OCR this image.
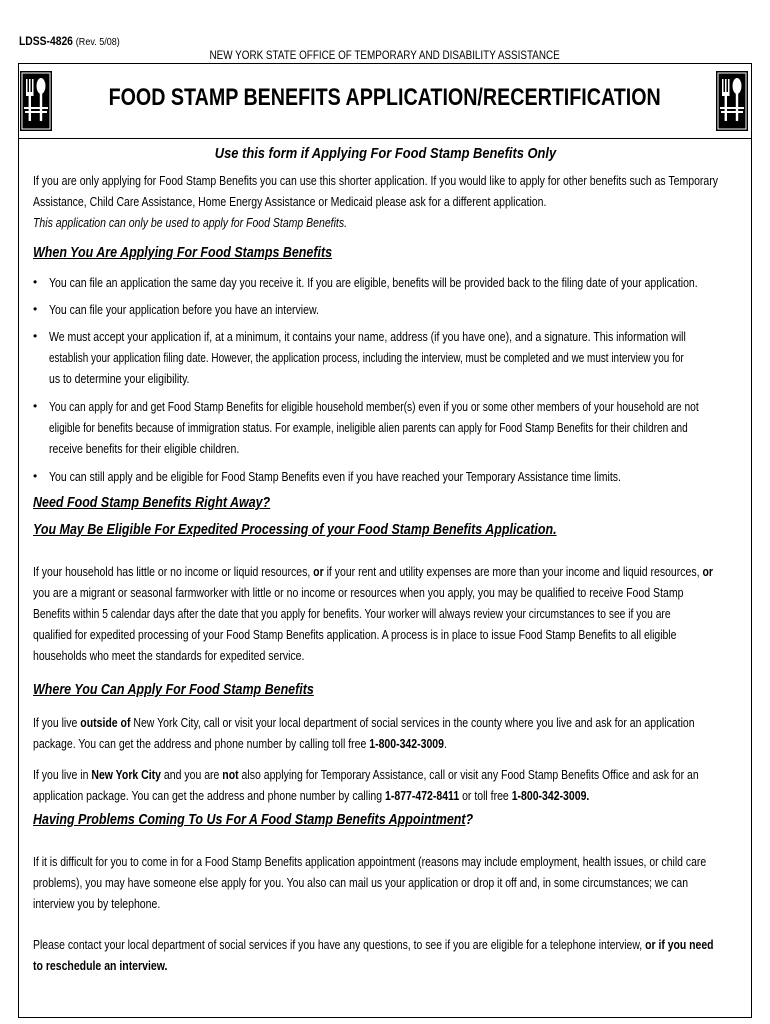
LDSS-4826 (Rev. 5/08)
NEW YORK STATE OFFICE OF TEMPORARY AND DISABILITY ASSISTANCE
FOOD STAMP BENEFITS APPLICATION/RECERTIFICATION
Use this form if Applying For Food Stamp Benefits Only
If you are only applying for Food Stamp Benefits you can use this shorter application. If you would like to apply for other benefits such as Temporary
Assistance, Child Care Assistance, Home Energy Assistance or Medicaid please ask for a different application.
This application can only be used to apply for Food Stamp Benefits.
When You Are Applying For Food Stamps Benefits
• You can file an application the same day you receive it. If you are eligible, benefits will be provided back to the filing date of your application.
• You can file your application before you have an interview.
• We must accept your application if, at a minimum, it contains your name, address (if you have one), and a signature. This information will
establish your application filing date. However, the application process, including the interview, must be completed and we must interview you for
us to determine your eligibility.
• You can apply for and get Food Stamp Benefits for eligible household member(s) even if you or some other members of your household are not
eligible for benefits because of immigration status. For example, ineligible alien parents can apply for Food Stamp Benefits for their children and
receive benefits for their eligible children.
• You can still apply and be eligible for Food Stamp Benefits even if you have reached your Temporary Assistance time limits.
Need Food Stamp Benefits Right Away?
You May Be Eligible For Expedited Processing of your Food Stamp Benefits Application.
If your household has little or no income or liquid resources, or if your rent and utility expenses are more than your income and liquid resources, or
you are a migrant or seasonal farmworker with little or no income or resources when you apply, you may be qualified to receive Food Stamp
Benefits within 5 calendar days after the date that you apply for benefits. Your worker will always review your circumstances to see if you are
qualified for expedited processing of your Food Stamp Benefits application. A process is in place to issue Food Stamp Benefits to all eligible
households who meet the standards for expedited service.
Where You Can Apply For Food Stamp Benefits
If you live outside of New York City, call or visit your local department of social services in the county where you live and ask for an application
package. You can get the address and phone number by calling toll free 1-800-342-3009.
If you live in New York City and you are not also applying for Temporary Assistance, call or visit any Food Stamp Benefits Office and ask for an
application package. You can get the address and phone number by calling 1-877-472-8411 or toll free 1-800-342-3009.
Having Problems Coming To Us For A Food Stamp Benefits Appointment?
If it is difficult for you to come in for a Food Stamp Benefits application appointment (reasons may include employment, health issues, or child care
problems), you may have someone else apply for you. You also can mail us your application or drop it off and, in some circumstances; we can
interview you by telephone.
Please contact your local department of social services if you have any questions, to see if you are eligible for a telephone interview, or if you need
to reschedule an interview.
